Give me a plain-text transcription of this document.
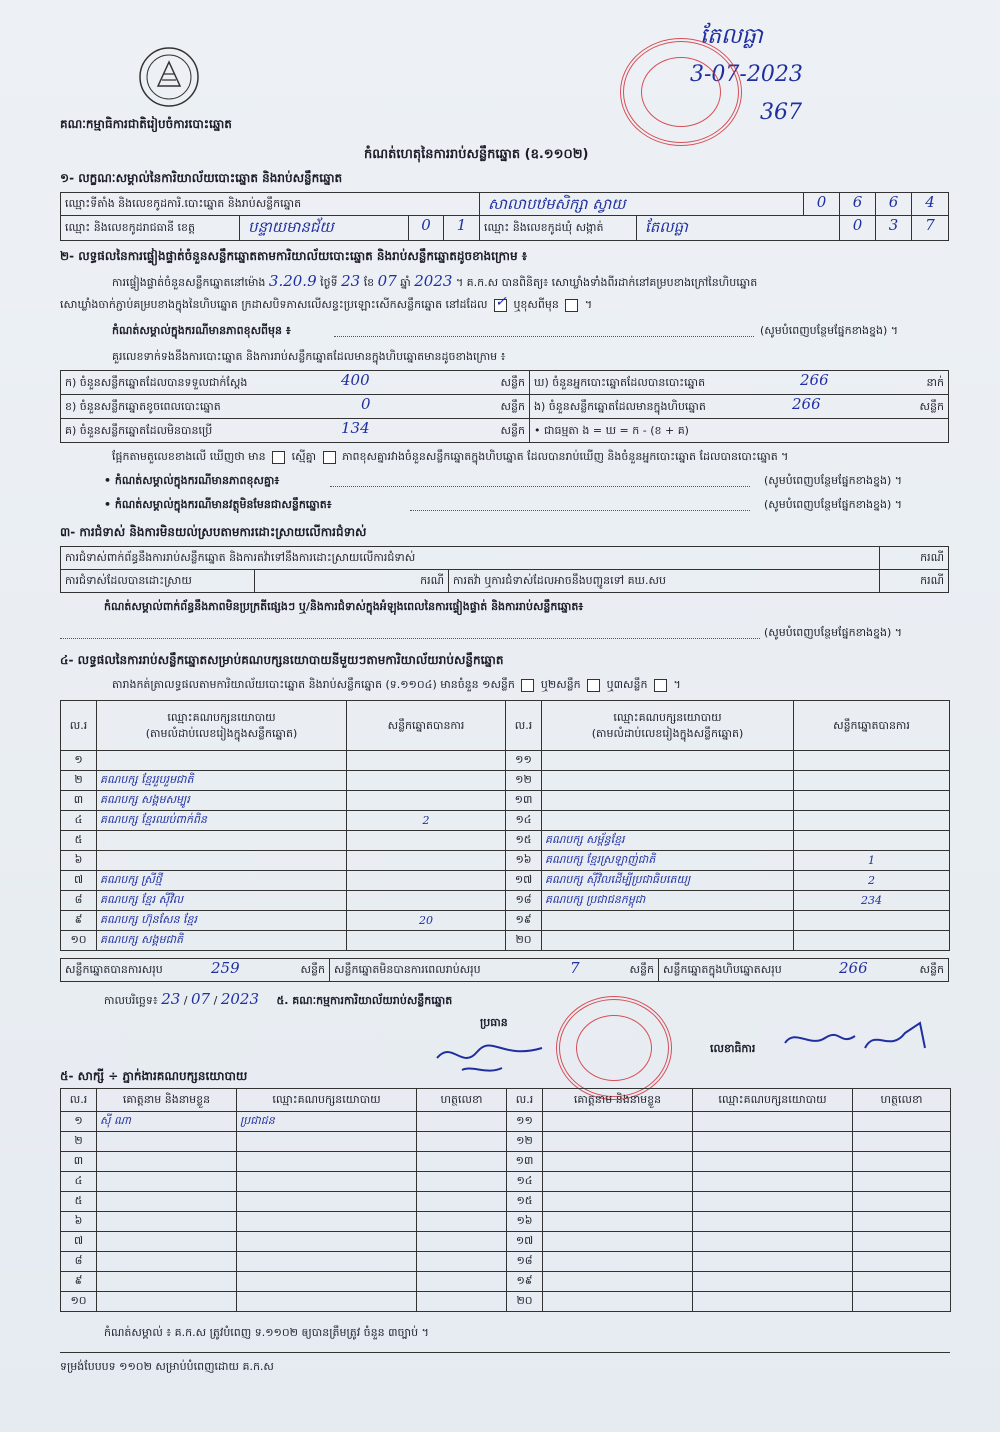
គណៈកម្មាធិការជាតិរៀបចំការបោះឆ្នោត
កំណត់ហេតុនៃការរាប់សន្លឹកឆ្នោត (ឧ.១១០២)
តែលធ្លា
3-07-2023
367
១- លក្ខណៈសម្គាល់នៃការិយាល័យបោះឆ្នោត និងរាប់សន្លឹកឆ្នោត
ឈ្មោះទីតាំង និងលេខកូដការិ.បោះឆ្នោត និងរាប់សន្លឹកឆ្នោត	សាលាបឋមសិក្សា ស្វាយ	0	6	6	4
ឈ្មោះ និងលេខកូដរាជធានី ខេត្ត	បន្ទាយមានជ័យ	0	1	ឈ្មោះ និងលេខកូដឃុំ សង្កាត់	តែលធ្លា	0	3	7
២- លទ្ធផលនៃការផ្ទៀងផ្ទាត់ចំនួនសន្លឹកឆ្នោតតាមការិយាល័យបោះឆ្នោត និងរាប់សន្លឹកឆ្នោតដូចខាងក្រោម ៖
ការផ្ទៀងផ្ទាត់ចំនួនសន្លឹកឆ្នោតនៅម៉ោង 3.20.9 ថ្ងៃទី 23 ខែ 07 ឆ្នាំ 2023 ។ គ.ក.ស បានពិនិត្យ៖ សោឃ្លាំងទាំងពីរដាក់នៅគម្របខាងក្រៅនៃហិបឆ្នោត
សោឃ្លាំងចាក់ភ្ជាប់គម្របខាងក្នុងនៃហិបឆ្នោត ក្រដាសបិទភាសលើសន្ទះប្រឡោះសើកសន្លឹកឆ្នោត នៅដដែល ✓ ឬខុសពីមុន  ។
កំណត់សម្គាល់ក្នុងករណីមានភាពខុសពីមុន ៖	(សូមបំពេញបន្ថែមផ្នែកខាងខ្នង) ។
គួរលេខទាក់ទងនឹងការបោះឆ្នោត និងការរាប់សន្លឹកឆ្នោតដែលមានក្នុងហិបឆ្នោតមានដូចខាងក្រោម ៖
ក) ចំនួនសន្លឹកឆ្នោតដែលបានទទួលជាក់ស្ដែង	400	សន្លឹក ឃ) ចំនួនអ្នកបោះឆ្នោតដែលបានបោះឆ្នោត	266	នាក់
ខ) ចំនួនសន្លឹកឆ្នោតខូចពេលបោះឆ្នោត	0	សន្លឹក ង) ចំនួនសន្លឹកឆ្នោតដែលមានក្នុងហិបឆ្នោត	266	សន្លឹក
គ) ចំនួនសន្លឹកឆ្នោតដែលមិនបានប្រើ	134	សន្លឹក • ជាធម្មតា ង = ឃ = ក - (ខ + គ)
ផ្អែកតាមតួលេខខាងលើ ឃើញថា មាន ស្មើគ្នា ភាពខុសគ្នារវាងចំនួនសន្លឹកឆ្នោតក្នុងហិបឆ្នោត ដែលបានរាប់ឃើញ និងចំនួនអ្នកបោះឆ្នោត ដែលបានបោះឆ្នោត ។
• កំណត់សម្គាល់ក្នុងករណីមានភាពខុសគ្នា៖	(សូមបំពេញបន្ថែមផ្នែកខាងខ្នង) ។
• កំណត់សម្គាល់ក្នុងករណីមានវត្ថុមិនមែនជាសន្លឹកឆ្នោត៖	(សូមបំពេញបន្ថែមផ្នែកខាងខ្នង) ។
៣- ការជំទាស់ និងការមិនយល់ស្របតាមការដោះស្រាយលើការជំទាស់
ការជំទាស់ពាក់ព័ន្ធនឹងការរាប់សន្លឹកឆ្នោត និងការតវ៉ាទៅនឹងការដោះស្រាយលើការជំទាស់	ករណី
ការជំទាស់ដែលបានដោះស្រាយ	ករណី ការតវ៉ា ឬការជំទាស់ដែលអាចនឹងបញ្ជូនទៅ គឃ.សប	ករណី
កំណត់សម្គាល់ពាក់ព័ន្ធនឹងភាពមិនប្រក្រតីផ្សេងៗ ឬ/និងការជំទាស់ក្នុងអំឡុងពេលនៃការផ្ទៀងផ្ទាត់ និងការរាប់សន្លឹកឆ្នោត៖
(សូមបំពេញបន្ថែមផ្នែកខាងខ្នង) ។
៤- លទ្ធផលនៃការរាប់សន្លឹកឆ្នោតសម្រាប់គណបក្សនយោបាយនីមួយៗតាមការិយាល័យរាប់សន្លឹកឆ្នោត
តារាងកត់ត្រាលទ្ធផលតាមការិយាល័យបោះឆ្នោត និងរាប់សន្លឹកឆ្នោត (ទ.១១០៤) មានចំនួន ១សន្លឹក ឬ២សន្លឹក ឬ៣សន្លឹក  ។
ល.រ	ឈ្មោះគណបក្សនយោបាយ
(តាមលំដាប់លេខរៀងក្នុងសន្លឹកឆ្នោត)	សន្លឹកឆ្នោតបានការ
១		
២	គណបក្ស ខ្មែររួបរួមជាតិ	
៣	គណបក្ស សង្គមសម្បូរ	
៤	គណបក្ស ខ្មែរឈប់ពាក់ពិន	2
៥		
៦		
៧	គណបក្ស ស្រីថ្មី	
៨	គណបក្ស ខ្មែរ ស៊ីវិល	
៩	គណបក្ស ហ៊ុនសែន ខ្មែរ	20
១០	គណបក្ស សង្គមជាតិ	
ល.រ	ឈ្មោះគណបក្សនយោបាយ
(តាមលំដាប់លេខរៀងក្នុងសន្លឹកឆ្នោត)	សន្លឹកឆ្នោតបានការ
១១		
១២		
១៣		
១៤		
១៥	គណបក្ស សម្ព័ន្ធខ្មែរ	
១៦	គណបក្ស ខ្មែរស្រឡាញ់ជាតិ	1
១៧	គណបក្ស ស៊ីវិលដើម្បីប្រជាធិបតេយ្យ	2
១៨	គណបក្ស ប្រជាជនកម្ពុជា	234
១៩		
២០		
សន្លឹកឆ្នោតបានការសរុប	259	សន្លឹក សន្លឹកឆ្នោតមិនបានការពេលរាប់សរុប	7	សន្លឹក សន្លឹកឆ្នោតក្នុងហិបឆ្នោតសរុប	266	សន្លឹក
កាលបរិច្ឆេទ៖ 23 / 07 / 2023 ៥. គណៈកម្មការការិយាល័យរាប់សន្លឹកឆ្នោត
ប្រធាន
លេខាធិការ
៥- សាក្សី ÷ ភ្នាក់ងារគណបក្សនយោបាយ
ល.រ	គោត្តនាម និងនាមខ្លួន	ឈ្មោះគណបក្សនយោបាយ	ហត្ថលេខា	ល.រ	គោត្តនាម និងនាមខ្លួន	ឈ្មោះគណបក្សនយោបាយ	ហត្ថលេខា
១	ស៊ី ណា	ប្រជាជន		១១			
២				១២			
៣				១៣			
៤				១៤			
៥				១៥			
៦				១៦			
៧				១៧			
៨				១៨			
៩				១៩			
១០				២០			
កំណត់សម្គាល់ ៖ គ.ក.ស ត្រូវបំពេញ ទ.១១០២ ឲ្យបានត្រឹមត្រូវ ចំនួន ៣ច្បាប់ ។
ទម្រង់បែបបទ ១១០២ សម្រាប់បំពេញដោយ គ.ក.ស
